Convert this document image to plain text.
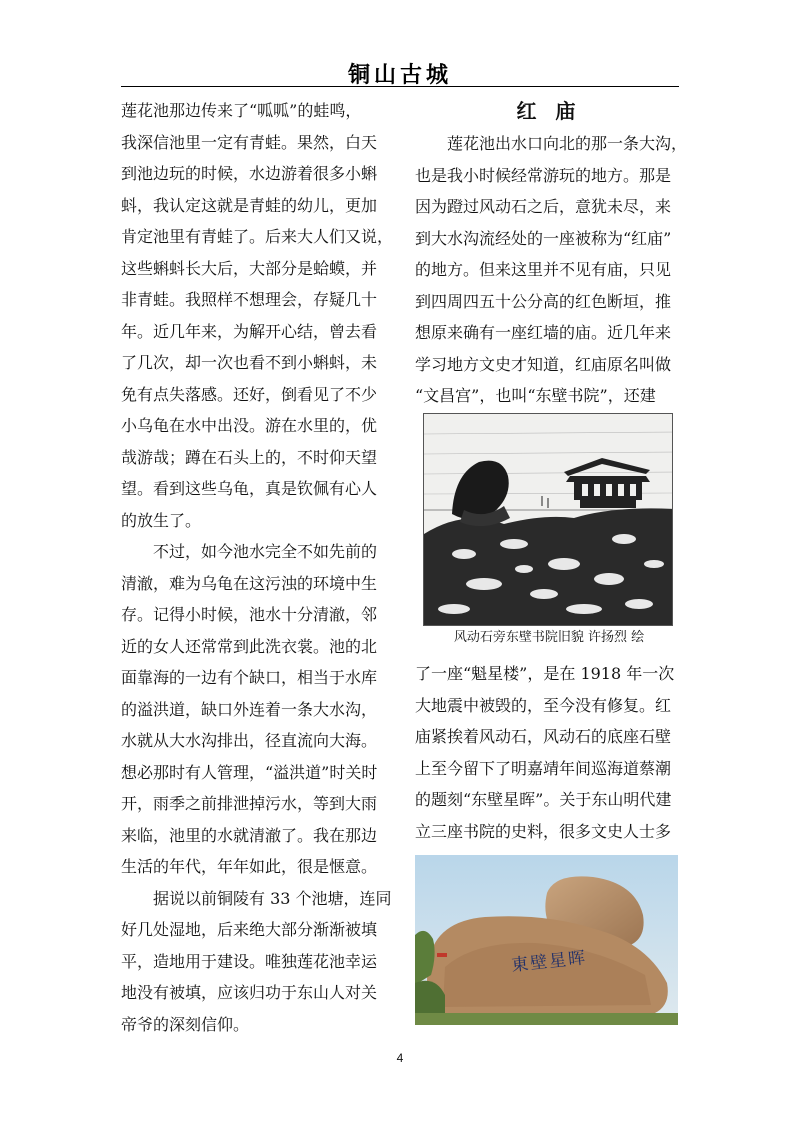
铜山古城

莲花池那边传来了“呱呱”的蛙鸣，
我深信池里一定有青蛙。果然，白天
到池边玩的时候，水边游着很多小蝌
蚪，我认定这就是青蛙的幼儿，更加
肯定池里有青蛙了。后来大人们又说，
这些蝌蚪长大后，大部分是蛤蟆，并
非青蛙。我照样不想理会，存疑几十
年。近几年来，为解开心结，曾去看
了几次，却一次也看不到小蝌蚪，未
免有点失落感。还好，倒看见了不少
小乌龟在水中出没。游在水里的，优
哉游哉；蹲在石头上的，不时仰天望
望。看到这些乌龟，真是钦佩有心人
的放生了。

不过，如今池水完全不如先前的
清澈，难为乌龟在这污浊的环境中生
存。记得小时候，池水十分清澈，邻
近的女人还常常到此洗衣裳。池的北
面靠海的一边有个缺口，相当于水库
的溢洪道，缺口外连着一条大水沟，
水就从大水沟排出，径直流向大海。
想必那时有人管理，“溢洪道”时关时
开，雨季之前排泄掉污水，等到大雨
来临，池里的水就清澈了。我在那边
生活的年代，年年如此，很是惬意。

据说以前铜陵有 33 个池塘，连同
好几处湿地，后来绝大部分渐渐被填
平，造地用于建设。唯独莲花池幸运
地没有被填，应该归功于东山人对关
帝爷的深刻信仰。

红 庙

莲花池出水口向北的那一条大沟，
也是我小时候经常游玩的地方。那是
因为蹬过风动石之后，意犹未尽，来
到大水沟流经处的一座被称为“红庙”
的地方。但来这里并不见有庙，只见
到四周四五十公分高的红色断垣，推
想原来确有一座红墙的庙。近几年来
学习地方文史才知道，红庙原名叫做
“文昌宫”，也叫“东壁书院”，还建

风动石旁东壁书院旧貌 许扬烈 绘

了一座“魁星楼”，是在 1918 年一次
大地震中被毁的，至今没有修复。红
庙紧挨着风动石，风动石的底座石壁
上至今留下了明嘉靖年间巡海道蔡潮
的题刻“东壁星晖”。关于东山明代建
立三座书院的史料，很多文史人士多

東壁星晖
4
